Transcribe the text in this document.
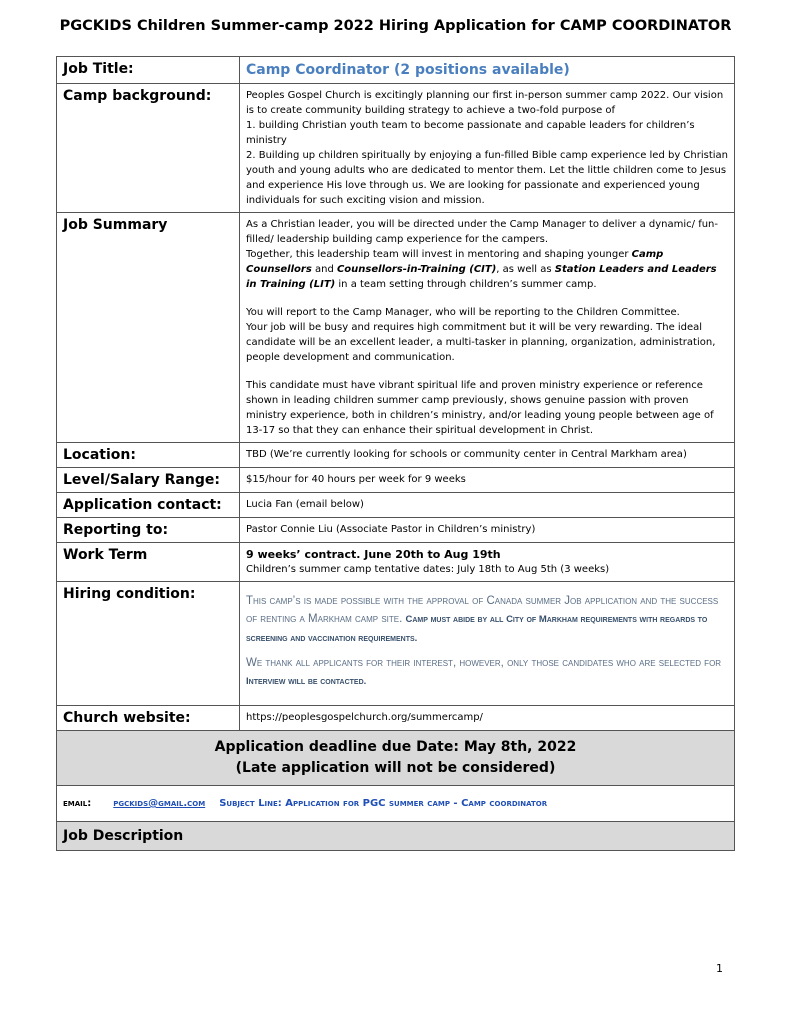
PGCKIDS Children Summer-camp 2022 Hiring Application for CAMP COORDINATOR
Job Title:	Camp Coordinator (2 positions available)
Camp background:	Peoples Gospel Church is excitingly planning our first in-person summer camp 2022. Our vision is to create community building strategy to achieve a two-fold purpose of

1. building Christian youth team to become passionate and capable leaders for children’s ministry

2. Building up children spiritually by enjoying a fun-filled Bible camp experience led by Christian youth and young adults who are dedicated to mentor them. Let the little children come to Jesus and experience His love through us. We are looking for passionate and experienced young individuals for such exciting vision and mission.

Job Summary	As a Christian leader, you will be directed under the Camp Manager to deliver a dynamic/ fun-filled/ leadership building camp experience for the campers.

Together, this leadership team will invest in mentoring and shaping younger Camp Counsellors and Counsellors-in-Training (CIT), as well as Station Leaders and Leaders in Training (LIT) in a team setting through children’s summer camp.

You will report to the Camp Manager, who will be reporting to the Children Committee.

Your job will be busy and requires high commitment but it will be very rewarding. The ideal candidate will be an excellent leader, a multi-tasker in planning, organization, administration, people development and communication.

This candidate must have vibrant spiritual life and proven ministry experience or reference shown in leading children summer camp previously, shows genuine passion with proven ministry experience, both in children’s ministry, and/or leading young people between age of 13-17 so that they can enhance their spiritual development in Christ.

Location:	TBD (We’re currently looking for schools or community center in Central Markham area)
Level/Salary Range:	$15/hour for 40 hours per week for 9 weeks
Application contact:	Lucia Fan (email below)
Reporting to:	Pastor Connie Liu (Associate Pastor in Children’s ministry)
Work Term	9 weeks’ contract. June 20th to Aug 19th

Children’s summer camp tentative dates: July 18th to Aug 5th (3 weeks)

Hiring condition:	This camp’s is made possible with the approval of Canada summer Job application and the success of renting a Markham camp site. Camp must abide by all City of Markham requirements with regards to screening and vaccination requirements.

We thank all applicants for their interest, however, only those candidates who are selected for Interview will be contacted.

Church website:	https://peoplesgospelchurch.org/summercamp/

Application deadline due Date: May 8th, 2022
(Late application will not be considered)	

email: pgckids@gmail.com Subject Line: Application for PGC summer camp - Camp coordinator	
Job Description	
1
